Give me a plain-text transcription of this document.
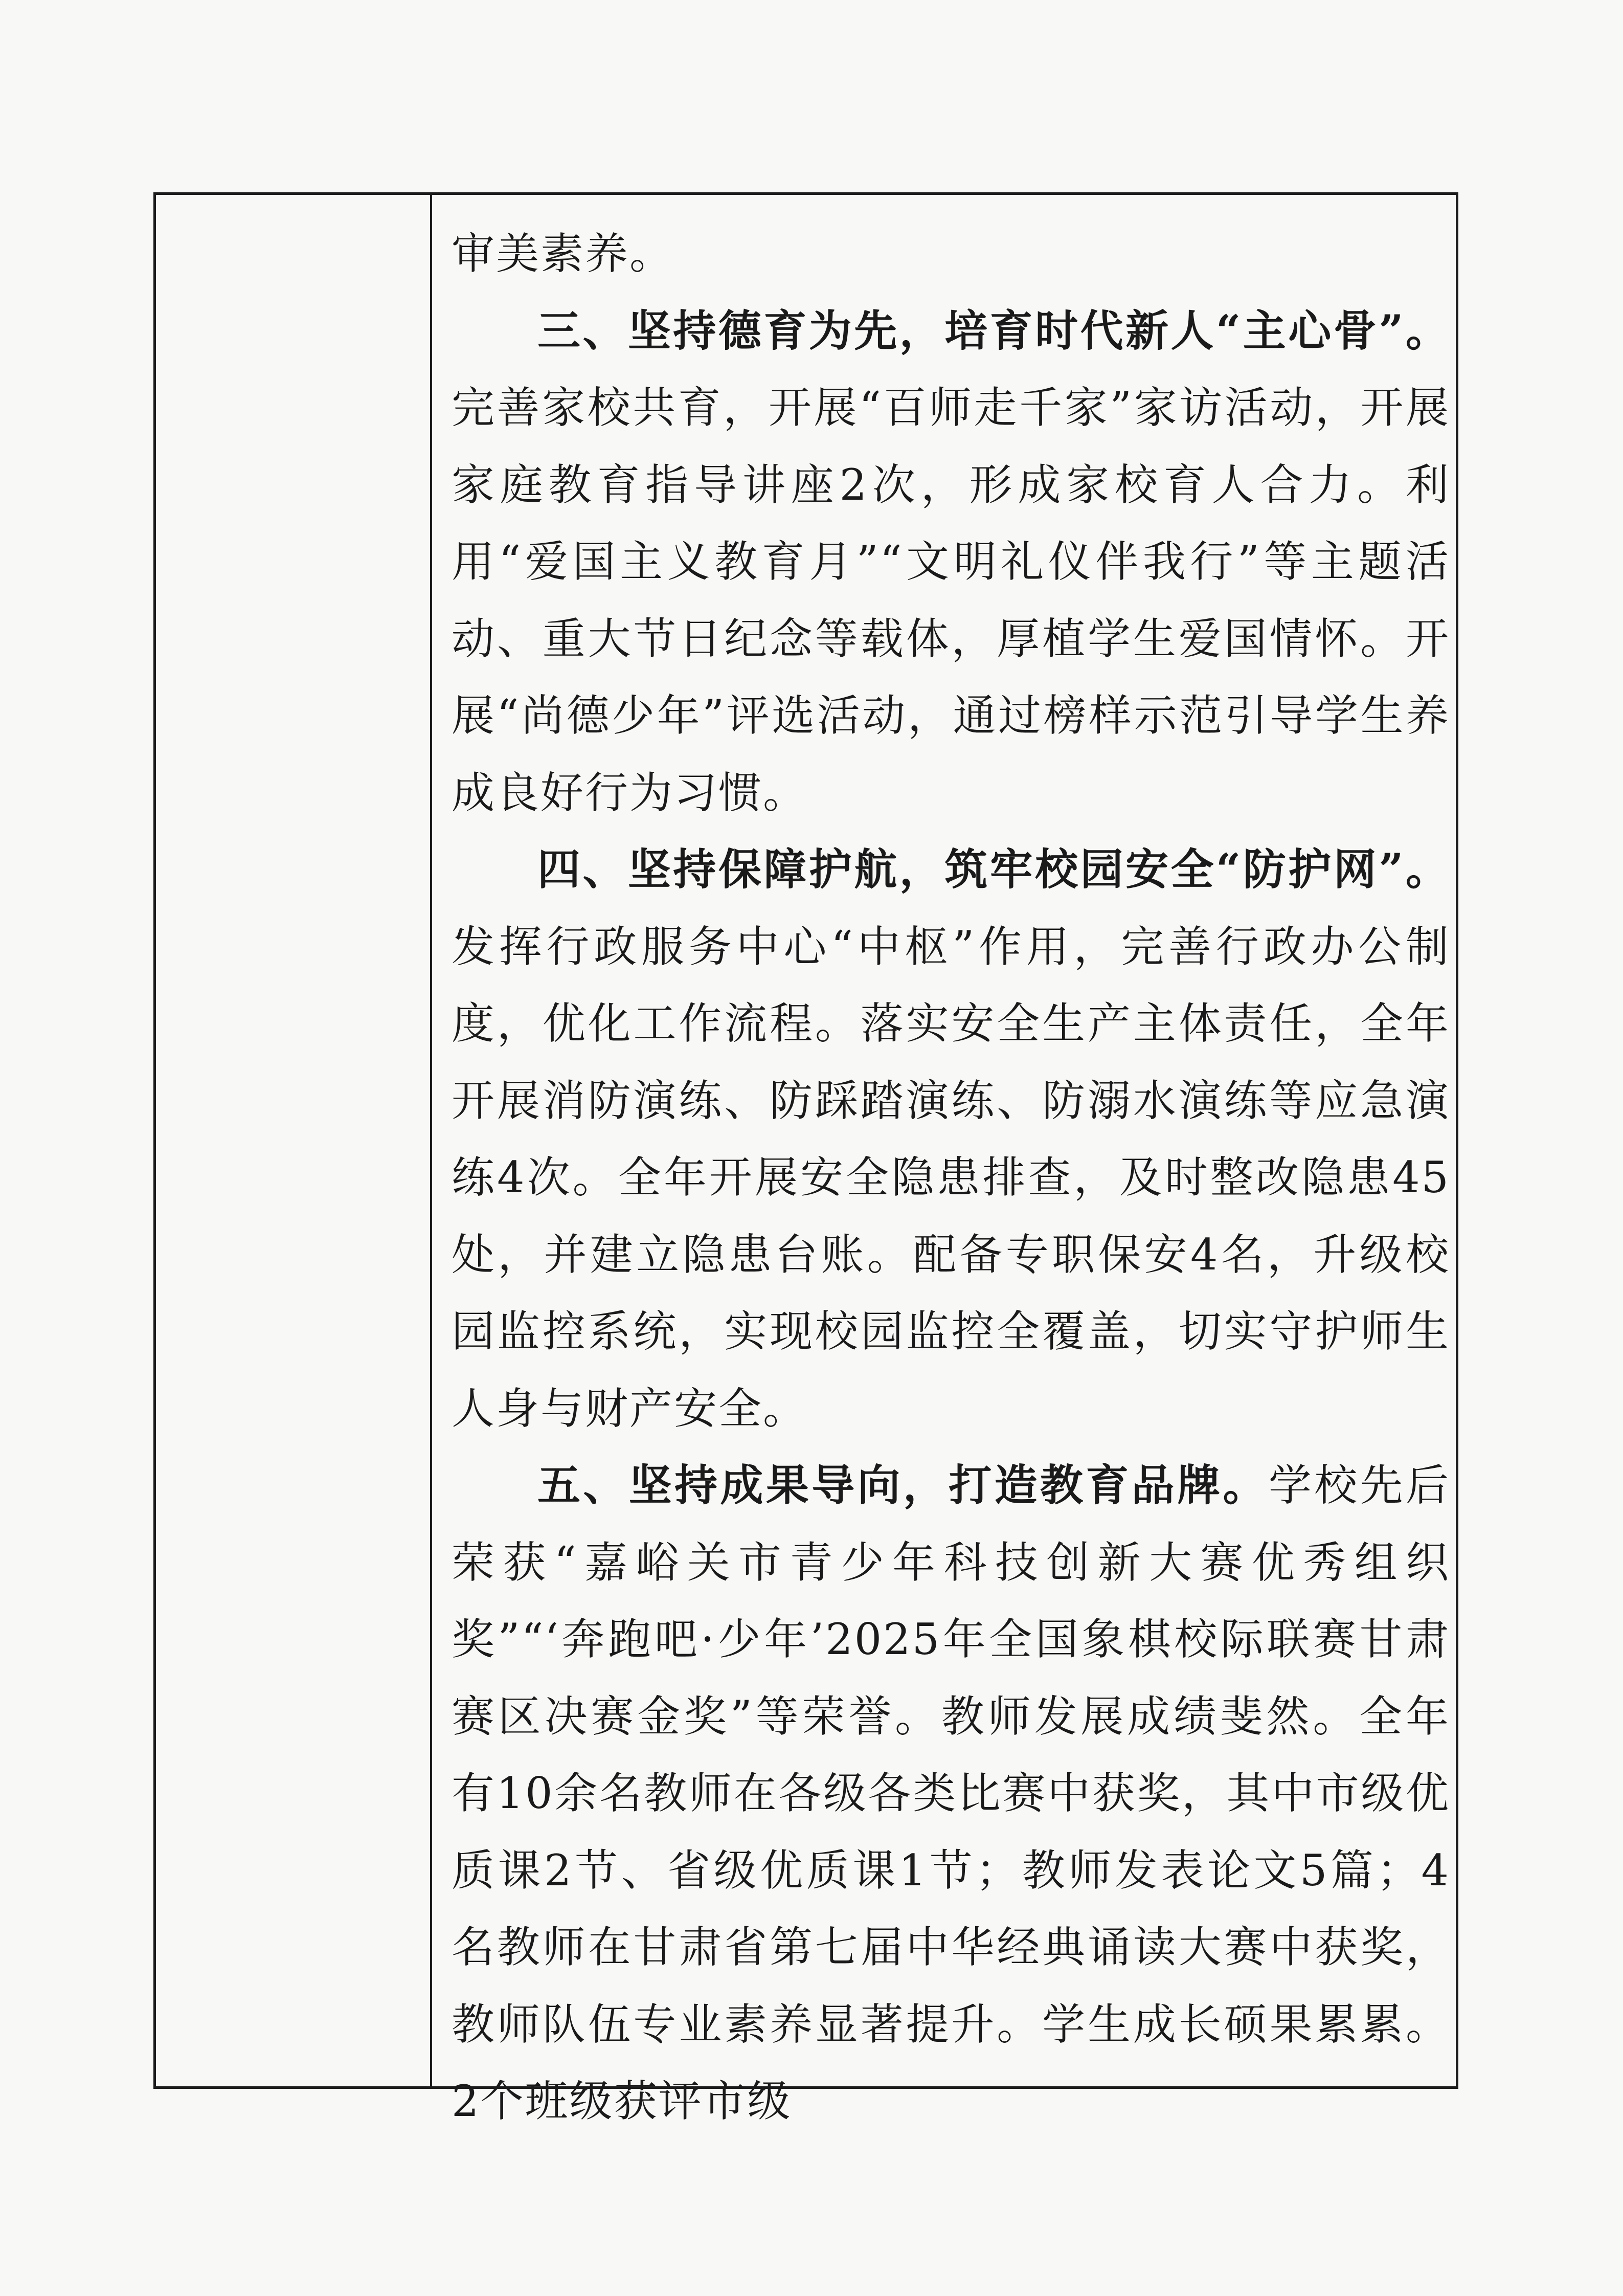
审美素养。

三、坚持德育为先，培育时代新人“主心骨”。完善家校共育，开展“百师走千家”家访活动，开展家庭教育指导讲座2次，形成家校育人合力。利用“爱国主义教育月”“文明礼仪伴我行”等主题活动、重大节日纪念等载体，厚植学生爱国情怀。开展“尚德少年”评选活动，通过榜样示范引导学生养成良好行为习惯。

四、坚持保障护航，筑牢校园安全“防护网”。发挥行政服务中心“中枢”作用，完善行政办公制度，优化工作流程。落实安全生产主体责任，全年开展消防演练、防踩踏演练、防溺水演练等应急演练4次。全年开展安全隐患排查，及时整改隐患45处，并建立隐患台账。配备专职保安4名，升级校园监控系统，实现校园监控全覆盖，切实守护师生人身与财产安全。

五、坚持成果导向，打造教育品牌。学校先后荣获“嘉峪关市青少年科技创新大赛优秀组织奖”“‘奔跑吧·少年’2025年全国象棋校际联赛甘肃赛区决赛金奖”等荣誉。教师发展成绩斐然。全年有10余名教师在各级各类比赛中获奖，其中市级优质课2节、省级优质课1节；教师发表论文5篇；4名教师在甘肃省第七届中华经典诵读大赛中获奖，教师队伍专业素养显著提升。学生成长硕果累累。2个班级获评市级
